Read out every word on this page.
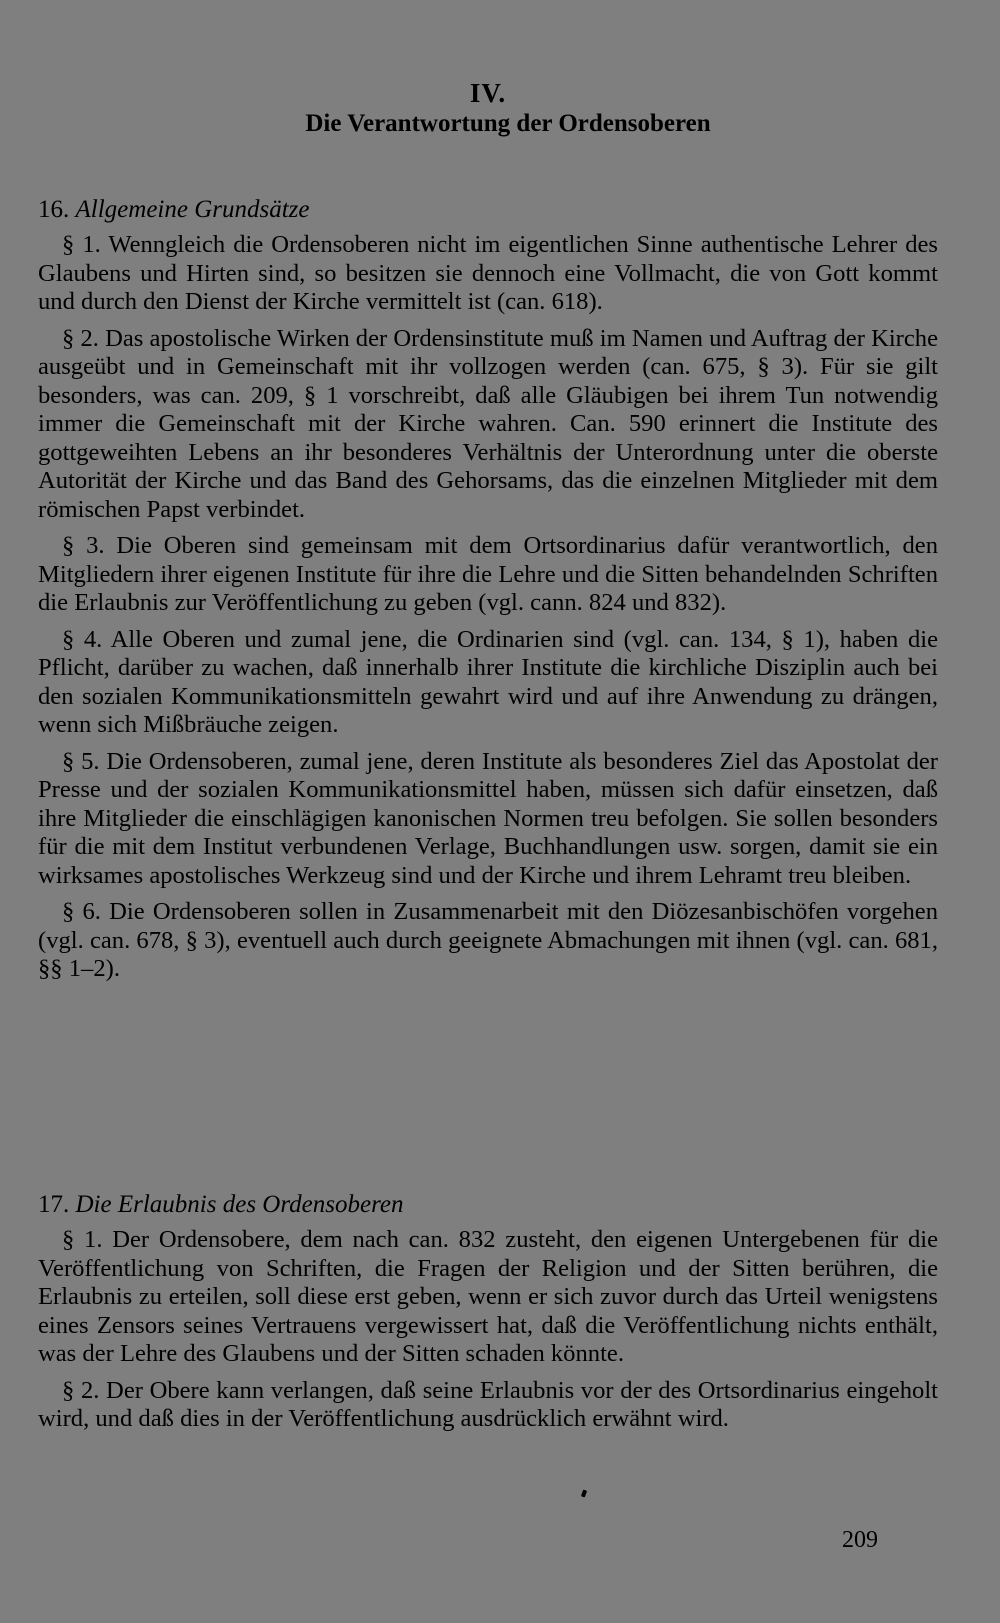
IV.
Die Verantwortung der Ordensoberen
16. Allgemeine Grundsätze

§ 1. Wenngleich die Ordensoberen nicht im eigentlichen Sinne authentische Lehrer des Glaubens und Hirten sind, so besitzen sie dennoch eine Vollmacht, die von Gott kommt und durch den Dienst der Kirche vermittelt ist (can. 618).

§ 2. Das apostolische Wirken der Ordensinstitute muß im Namen und Auftrag der Kirche ausgeübt und in Gemeinschaft mit ihr vollzogen werden (can. 675, § 3). Für sie gilt besonders, was can. 209, § 1 vorschreibt, daß alle Gläubigen bei ihrem Tun notwendig immer die Gemeinschaft mit der Kirche wahren. Can. 590 erinnert die Institute des gottgeweihten Lebens an ihr besonderes Verhältnis der Unterordnung unter die oberste Autorität der Kirche und das Band des Gehorsams, das die einzelnen Mitglieder mit dem römischen Papst verbindet.

§ 3. Die Oberen sind gemeinsam mit dem Ortsordinarius dafür verantwortlich, den Mitgliedern ihrer eigenen Institute für ihre die Lehre und die Sitten behandelnden Schriften die Erlaubnis zur Veröffentlichung zu geben (vgl. cann. 824 und 832).

§ 4. Alle Oberen und zumal jene, die Ordinarien sind (vgl. can. 134, § 1), haben die Pflicht, darüber zu wachen, daß innerhalb ihrer Institute die kirchliche Disziplin auch bei den sozialen Kommunikationsmitteln gewahrt wird und auf ihre Anwendung zu drängen, wenn sich Mißbräuche zeigen.

§ 5. Die Ordensoberen, zumal jene, deren Institute als besonderes Ziel das Apostolat der Presse und der sozialen Kommunikationsmittel haben, müssen sich dafür einsetzen, daß ihre Mitglieder die einschlägigen kanonischen Normen treu befolgen. Sie sollen besonders für die mit dem Institut verbundenen Verlage, Buchhandlungen usw. sorgen, damit sie ein wirksames apostolisches Werkzeug sind und der Kirche und ihrem Lehramt treu bleiben.

§ 6. Die Ordensoberen sollen in Zusammenarbeit mit den Diözesanbischöfen vorgehen (vgl. can. 678, § 3), eventuell auch durch geeignete Abmachungen mit ihnen (vgl. can. 681, §§ 1–2).

17. Die Erlaubnis des Ordensoberen

§ 1. Der Ordensobere, dem nach can. 832 zusteht, den eigenen Untergebenen für die Veröffentlichung von Schriften, die Fragen der Religion und der Sitten berühren, die Erlaubnis zu erteilen, soll diese erst geben, wenn er sich zuvor durch das Urteil wenigstens eines Zensors seines Vertrauens vergewissert hat, daß die Veröffentlichung nichts enthält, was der Lehre des Glaubens und der Sitten schaden könnte.

§ 2. Der Obere kann verlangen, daß seine Erlaubnis vor der des Ortsordinarius eingeholt wird, und daß dies in der Veröffentlichung ausdrücklich erwähnt wird.

209
